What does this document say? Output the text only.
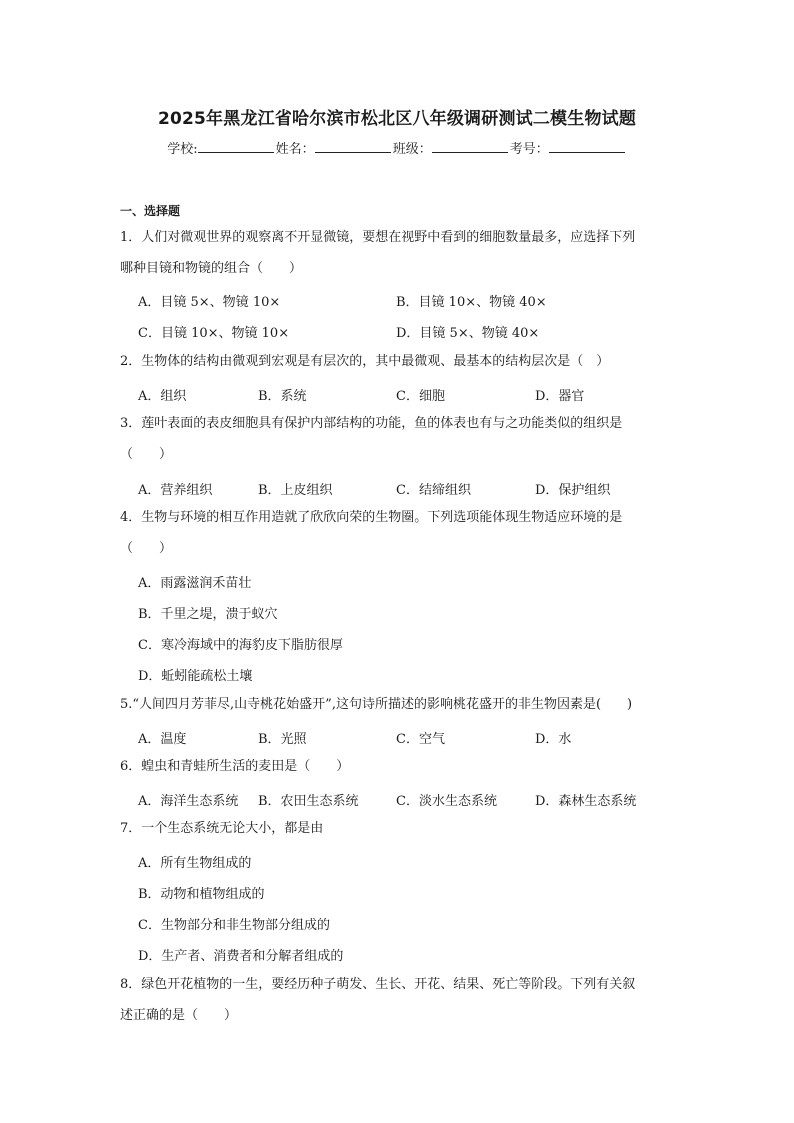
2025年黑龙江省哈尔滨市松北区八年级调研测试二模生物试题
学校:	姓名：	班级：	考号：
一、选择题
1．人们对微观世界的观察离不开显微镜，要想在视野中看到的细胞数量最多，应选择下列
哪种目镜和物镜的组合（　　）
A．目镜 5×、物镜 10×	B．目镜 10×、物镜 40×
C．目镜 10×、物镜 10×	D．目镜 5×、物镜 40×
2．生物体的结构由微观到宏观是有层次的，其中最微观、最基本的结构层次是（　）
A．组织	B．系统	C．细胞	D．器官
3．莲叶表面的表皮细胞具有保护内部结构的功能，鱼的体表也有与之功能类似的组织是
（　　）
A．营养组织	B．上皮组织	C．结缔组织	D．保护组织
4．生物与环境的相互作用造就了欣欣向荣的生物圈。下列选项能体现生物适应环境的是
（　　）
A．雨露滋润禾苗壮
B．千里之堤，溃于蚁穴
C．寒冷海域中的海豹皮下脂肪很厚
D．蚯蚓能疏松土壤
5.“人间四月芳菲尽,山寺桃花始盛开”,这句诗所描述的影响桃花盛开的非生物因素是(　　)
A．温度	B．光照	C．空气	D．水
6．蝗虫和青蛙所生活的麦田是（　　）
A．海洋生态系统 B．农田生态系统	C．淡水生态系统	D．森林生态系统
7．一个生态系统无论大小，都是由
A．所有生物组成的
B．动物和植物组成的
C．生物部分和非生物部分组成的
D．生产者、消费者和分解者组成的
8．绿色开花植物的一生，要经历种子萌发、生长、开花、结果、死亡等阶段。下列有关叙
述正确的是（　　）
